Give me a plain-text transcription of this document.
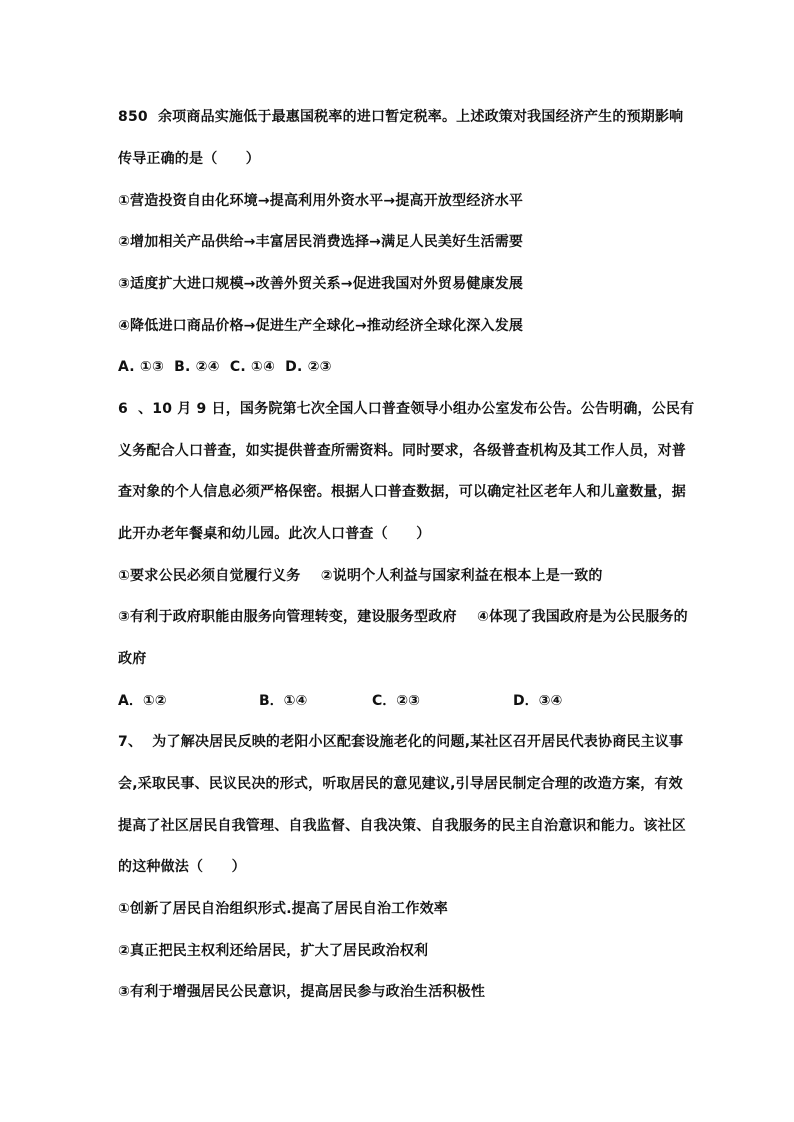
850  余项商品实施低于最惠国税率的进口暂定税率。上述政策对我国经济产生的预期影响
传导正确的是（　　）
①营造投资自由化环境→提高利用外资水平→提高开放型经济水平
②增加相关产品供给→丰富居民消费选择→满足人民美好生活需要
③适度扩大进口规模→改善外贸关系→促进我国对外贸易健康发展
④降低进口商品价格→促进生产全球化→推动经济全球化深入发展
A. ①③  B. ②④  C. ①④  D. ②③
6  、10 月 9 日，国务院第七次全国人口普查领导小组办公室发布公告。公告明确，公民有
义务配合人口普查，如实提供普查所需资料。同时要求，各级普查机构及其工作人员，对普
查对象的个人信息必须严格保密。根据人口普查数据，可以确定社区老年人和儿童数量，据
此开办老年餐桌和幼儿园。此次人口普查（　　）
①要求公民必须自觉履行义务    ②说明个人利益与国家利益在根本上是一致的
③有利于政府职能由服务向管理转变，建设服务型政府    ④体现了我国政府是为公民服务的
政府
A．①②	B．①④	C．②③	D．③④
7、  为了解决居民反映的老阳小区配套设施老化的问题,某社区召开居民代表协商民主议事
会,采取民事、民议民决的形式，听取居民的意见建议,引导居民制定合理的改造方案，有效
提高了社区居民自我管理、自我监督、自我决策、自我服务的民主自治意识和能力。该社区
的这种做法（　　）
①创新了居民自治组织形式.提高了居民自治工作效率
②真正把民主权利还给居民，扩大了居民政治权利
③有利于增强居民公民意识，提高居民参与政治生活积极性
